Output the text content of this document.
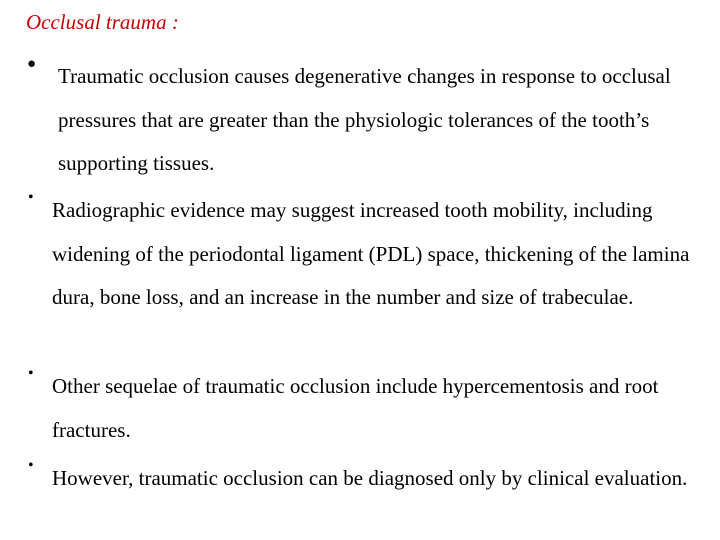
Occlusal trauma :
● Traumatic occlusion causes degenerative changes in response to occlusal pressures that are greater than the physiologic tolerances of the tooth’s supporting tissues.
•
Radiographic evidence may suggest increased tooth mobility, including widening of the periodontal ligament (PDL) space, thickening of the lamina dura, bone loss, and an increase in the number and size of trabeculae.
•
Other sequelae of traumatic occlusion include hypercementosis and root fractures.
•
However, traumatic occlusion can be diagnosed only by clinical evaluation.
